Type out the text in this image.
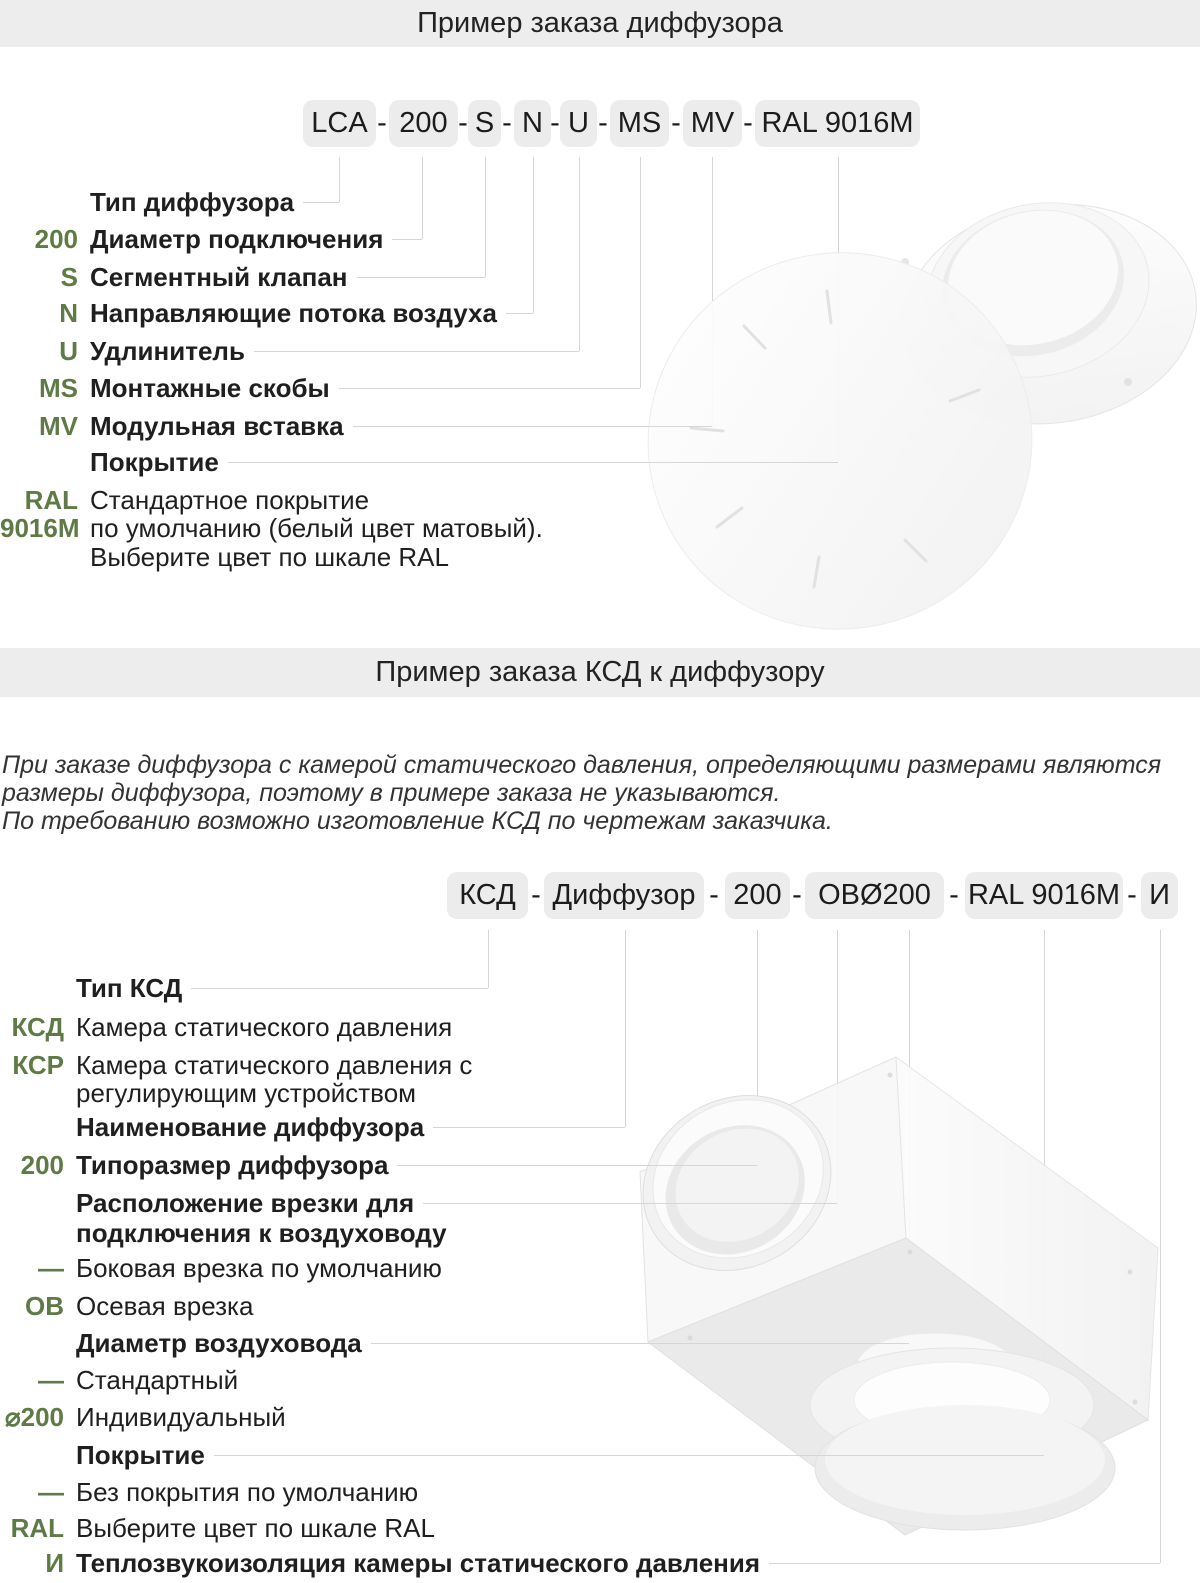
Пример заказа диффузора
LCA	200 S N U MS MV RAL 9016M
- - - - - - -
Тип диффузора
200 Диаметр подключения
S Сегментный клапан
N Направляющие потока воздуха
U Удлинитель
MS Монтажные скобы
MV Модульная вставка
Покрытие
RAL Стандартное покрытие
9016M по умолчанию (белый цвет матовый).
Выберите цвет по шкале RAL
Пример заказа КСД к диффузору
При заказе диффузора с камерой статического давления, определяющими размерами являются
размеры диффузора, поэтому в примере заказа не указываются.
По требованию возможно изготовление КСД по чертежам заказчика.
КСД	Диффузор 200	ОВØ200	RAL 9016M И
-	-	-	-	-
Тип КСД
КСД Камера статического давления
КСР Камера статического давления с
регулирующим устройством
Наименование диффузора
200 Типоразмер диффузора
Расположение врезки для
подключения к воздуховоду
— Боковая врезка по умолчанию
ОВ Осевая врезка
Диаметр воздуховода
— Стандартный
⌀200 Индивидуальный
Покрытие
— Без покрытия по умолчанию
RAL Выберите цвет по шкале RAL
И Теплозвукоизоляция камеры статического давления
